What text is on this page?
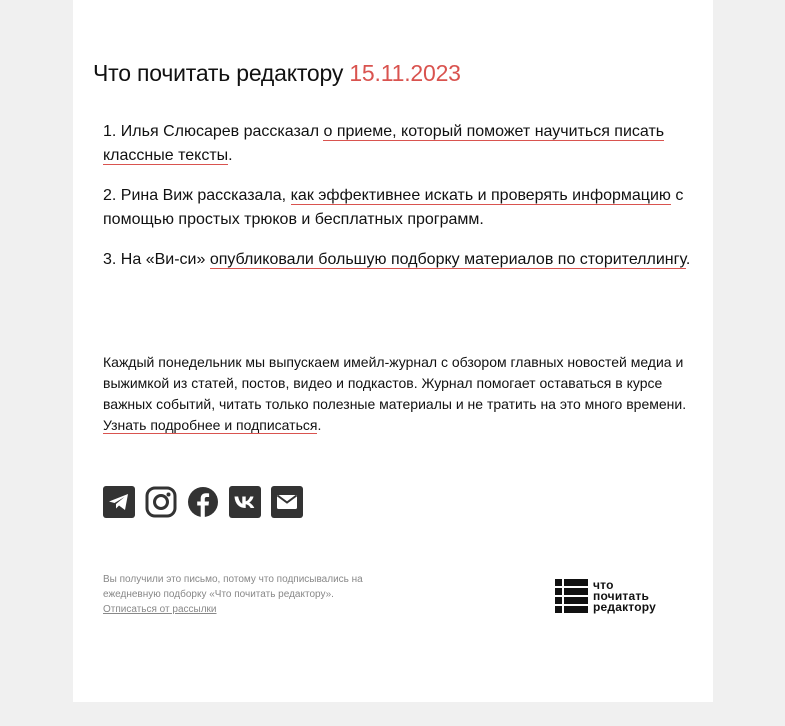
Что почитать редактору 15.11.2023

1. Илья Слюсарев рассказал о приеме, который поможет научиться писать классные тексты.

2. Рина Виж рассказала, как эффективнее искать и проверять информацию с помощью простых трюков и бесплатных программ.

3. На «Ви-си» опубликовали большую подборку материалов по сторителлингу.

Каждый понедельник мы выпускаем имейл-журнал с обзором главных новостей медиа и выжимкой из статей, постов, видео и подкастов. Журнал помогает оставаться в курсе важных событий, читать только полезные материалы и не тратить на это много времени. Узнать подробнее и подписаться.
Вы получили это письмо, потому что подписывались на ежедневную подборку «Что почитать редактору».
Отписаться от рассылки
что
почитать
редактору
